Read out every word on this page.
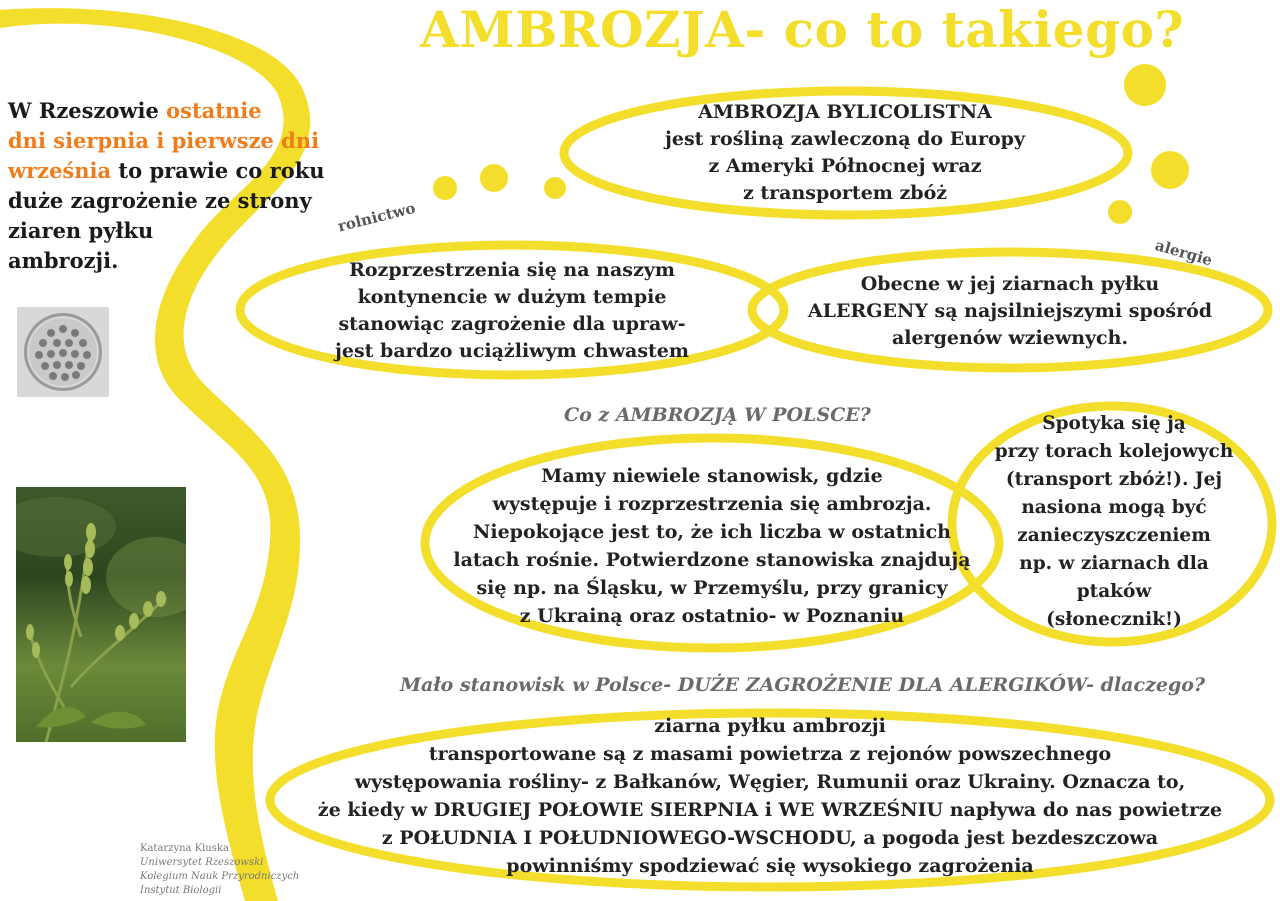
AMBROZJA- co to takiego?
W Rzeszowie ostatnie
dni sierpnia i pierwsze dni
września to prawie co roku
duże zagrożenie ze strony
ziaren pyłku
ambrozji.
rolnictwo
alergie
AMBROZJA BYLICOLISTNA
jest rośliną zawleczoną do Europy
z Ameryki Północnej wraz
z transportem zbóż
Rozprzestrzenia się na naszym
kontynencie w dużym tempie
stanowiąc zagrożenie dla upraw-
jest bardzo uciążliwym chwastem
Obecne w jej ziarnach pyłku
ALERGENY są najsilniejszymi spośród
alergenów wziewnych.
Co z AMBROZJĄ W POLSCE?
Mamy niewiele stanowisk, gdzie
występuje i rozprzestrzenia się ambrozja.
Niepokojące jest to, że ich liczba w ostatnich
latach rośnie. Potwierdzone stanowiska znajdują
się np. na Śląsku, w Przemyślu, przy granicy
z Ukrainą oraz ostatnio- w Poznaniu
Spotyka się ją
przy torach kolejowych
(transport zbóż!). Jej
nasiona mogą być
zanieczyszczeniem
np. w ziarnach dla
ptaków
(słonecznik!)
Mało stanowisk w Polsce- DUŻE ZAGROŻENIE DLA ALERGIKÓW- dlaczego?
ziarna pyłku ambrozji
transportowane są z masami powietrza z rejonów powszechnego
występowania rośliny- z Bałkanów, Węgier, Rumunii oraz Ukrainy. Oznacza to,
że kiedy w DRUGIEJ POŁOWIE SIERPNIA i WE WRZEŚNIU napływa do nas powietrze
z POŁUDNIA I POŁUDNIOWEGO-WSCHODU, a pogoda jest bezdeszczowa
powinniśmy spodziewać się wysokiego zagrożenia
Katarzyna Kluska
Uniwersytet Rzeszowski
Kolegium Nauk Przyrodniczych
Instytut Biologii
